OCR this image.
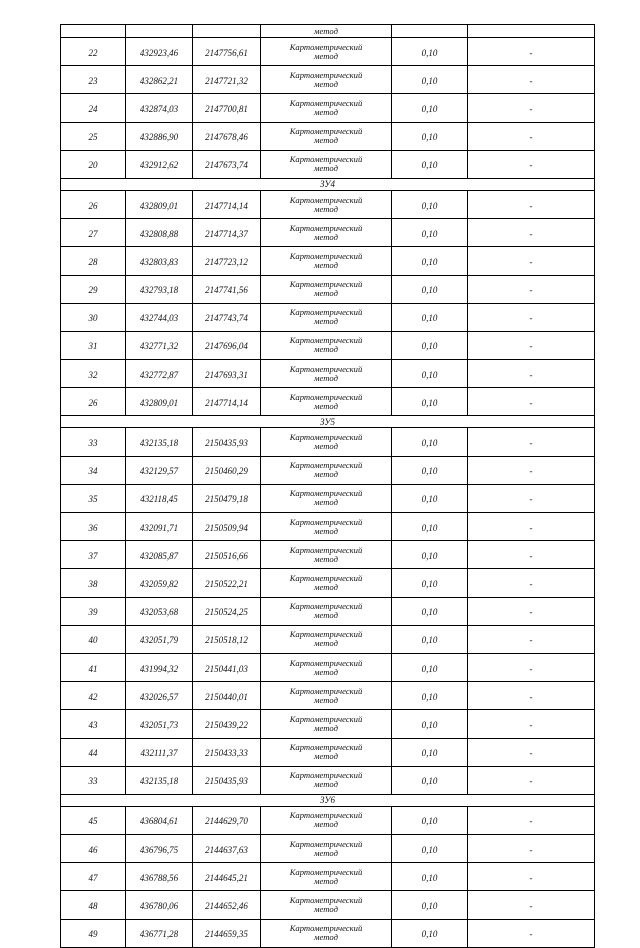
			метод		

22	432923,46	2147756,61	Картометрический
метод	0,10	-
23	432862,21	2147721,32	Картометрический
метод	0,10	-
24	432874,03	2147700,81	Картометрический
метод	0,10	-
25	432886,90	2147678,46	Картометрический
метод	0,10	-
20	432912,62	2147673,74	Картометрический
метод	0,10	-
ЗУ4					
26	432809,01	2147714,14	Картометрический
метод	0,10	-
27	432808,88	2147714,37	Картометрический
метод	0,10	-
28	432803,83	2147723,12	Картометрический
метод	0,10	-
29	432793,18	2147741,56	Картометрический
метод	0,10	-
30	432744,03	2147743,74	Картометрический
метод	0,10	-
31	432771,32	2147696,04	Картометрический
метод	0,10	-
32	432772,87	2147693,31	Картометрический
метод	0,10	-
26	432809,01	2147714,14	Картометрический
метод	0,10	-
ЗУ5					
33	432135,18	2150435,93	Картометрический
метод	0,10	-
34	432129,57	2150460,29	Картометрический
метод	0,10	-
35	432118,45	2150479,18	Картометрический
метод	0,10	-
36	432091,71	2150509,94	Картометрический
метод	0,10	-
37	432085,87	2150516,66	Картометрический
метод	0,10	-
38	432059,82	2150522,21	Картометрический
метод	0,10	-
39	432053,68	2150524,25	Картометрический
метод	0,10	-
40	432051,79	2150518,12	Картометрический
метод	0,10	-
41	431994,32	2150441,03	Картометрический
метод	0,10	-
42	432026,57	2150440,01	Картометрический
метод	0,10	-
43	432051,73	2150439,22	Картометрический
метод	0,10	-
44	432111,37	2150433,33	Картометрический
метод	0,10	-
33	432135,18	2150435,93	Картометрический
метод	0,10	-
ЗУ6					
45	436804,61	2144629,70	Картометрический
метод	0,10	-
46	436796,75	2144637,63	Картометрический
метод	0,10	-
47	436788,56	2144645,21	Картометрический
метод	0,10	-
48	436780,06	2144652,46	Картометрический
метод	0,10	-
49	436771,28	2144659,35	Картометрический
метод	0,10	-
